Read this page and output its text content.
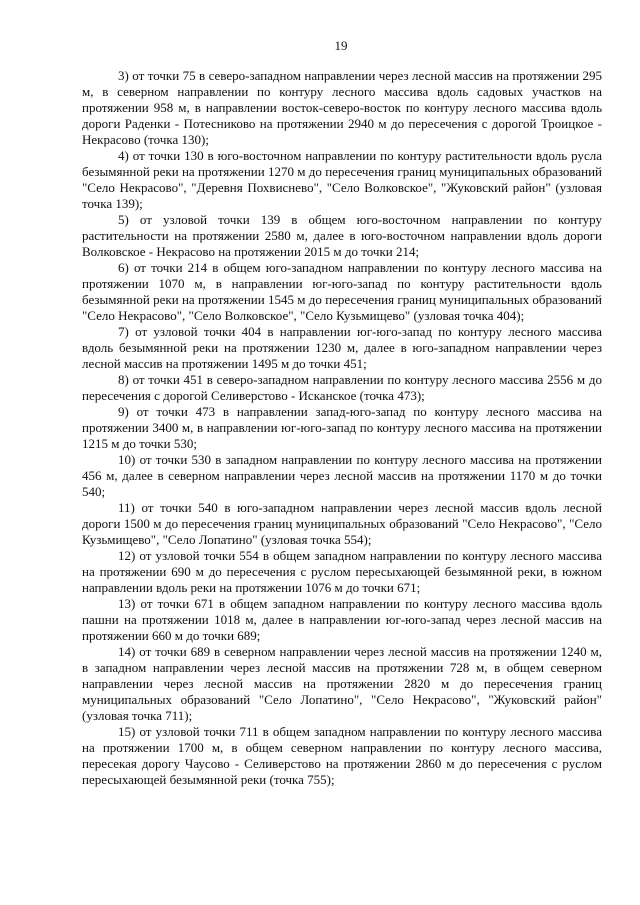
19

3) от точки 75 в северо-западном направлении через лесной массив на протяжении 295 м, в северном направлении по контуру лесного массива вдоль садовых участков на протяжении 958 м, в направлении восток-северо-восток по контуру лесного массива вдоль дороги Раденки - Потесниково на протяжении 2940 м до пересечения с дорогой Троицкое - Некрасово (точка 130);

4) от точки 130 в юго-восточном направлении по контуру растительности вдоль русла безымянной реки на протяжении 1270 м до пересечения границ муниципальных образований "Село Некрасово", "Деревня Похвиснево", "Село Волковское", "Жуковский район" (узловая точка 139);

5) от узловой точки 139 в общем юго-восточном направлении по контуру растительности на протяжении 2580 м, далее в юго-восточном направлении вдоль дороги Волковское - Некрасово на протяжении 2015 м до точки 214;

6) от точки 214 в общем юго-западном направлении по контуру лесного массива на протяжении 1070 м, в направлении юг-юго-запад по контуру растительности вдоль безымянной реки на протяжении 1545 м до пересечения границ муниципальных образований "Село Некрасово", "Село Волковское", "Село Кузьмищево" (узловая точка 404);

7) от узловой точки 404 в направлении юг-юго-запад по контуру лесного массива вдоль безымянной реки на протяжении 1230 м, далее в юго-западном направлении через лесной массив на протяжении 1495 м до точки 451;

8) от точки 451 в северо-западном направлении по контуру лесного массива 2556 м до пересечения с дорогой Селиверстово - Исканское (точка 473);

9) от точки 473 в направлении запад-юго-запад по контуру лесного массива на протяжении 3400 м, в направлении юг-юго-запад по контуру лесного массива на протяжении 1215 м до точки 530;

10) от точки 530 в западном направлении по контуру лесного массива на протяжении 456 м, далее в северном направлении через лесной массив на протяжении 1170 м до точки 540;

11) от точки 540 в юго-западном направлении через лесной массив вдоль лесной дороги 1500 м до пересечения границ муниципальных образований "Село Некрасово", "Село Кузьмищево", "Село Лопатино" (узловая точка 554);

12) от узловой точки 554 в общем западном направлении по контуру лесного массива на протяжении 690 м до пересечения с руслом пересыхающей безымянной реки, в южном направлении вдоль реки на протяжении 1076 м до точки 671;

13) от точки 671 в общем западном направлении по контуру лесного массива вдоль пашни на протяжении 1018 м, далее в направлении юг-юго-запад через лесной массив на протяжении 660 м до точки 689;

14) от точки 689 в северном направлении через лесной массив на протяжении 1240 м, в западном направлении через лесной массив на протяжении 728 м, в общем северном направлении через лесной массив на протяжении 2820 м до пересечения границ муниципальных образований "Село Лопатино", "Село Некрасово", "Жуковский район" (узловая точка 711);

15) от узловой точки 711 в общем западном направлении по контуру лесного массива на протяжении 1700 м, в общем северном направлении по контуру лесного массива, пересекая дорогу Чаусово - Селиверстово на протяжении 2860 м до пересечения с руслом пересыхающей безымянной реки (точка 755);
